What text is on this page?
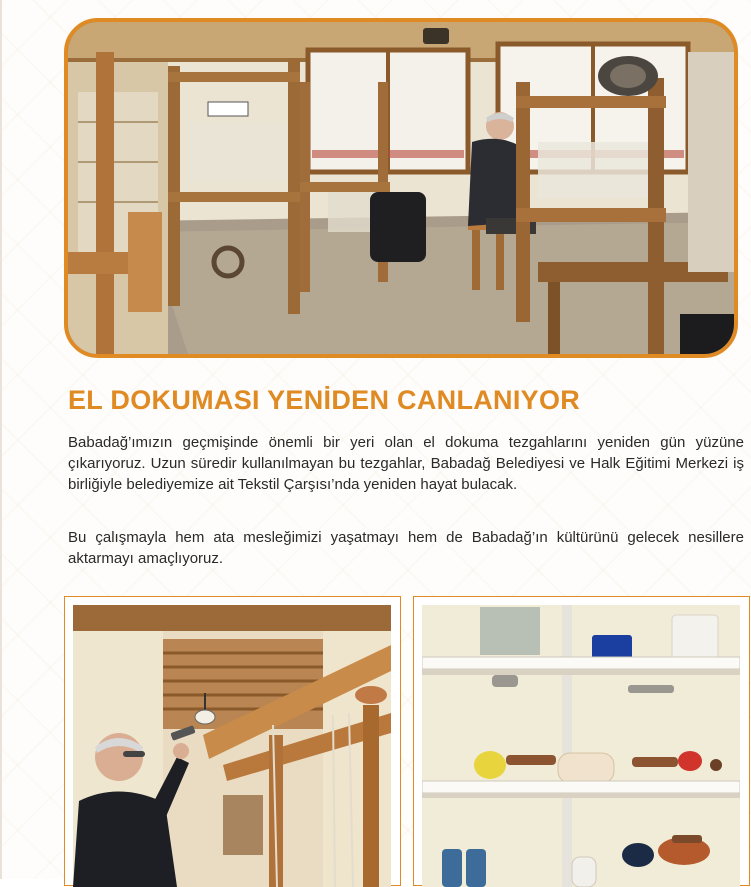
EL DOKUMASI YENİDEN CANLANIYOR

Babadağ’ımızın geçmişinde önemli bir yeri olan el dokuma tezgahlarını yeniden gün yüzüne çıkarıyoruz. Uzun süredir kullanılmayan bu tezgahlar, Babadağ Belediyesi ve Halk Eğitimi Merkezi iş birliğiyle belediyemize ait Tekstil Çarşısı’nda yeniden hayat bulacak.

Bu çalışmayla hem ata mesleğimizi yaşatmayı hem de Babadağ’ın kültürünü gelecek nesillere aktarmayı amaçlıyoruz.
